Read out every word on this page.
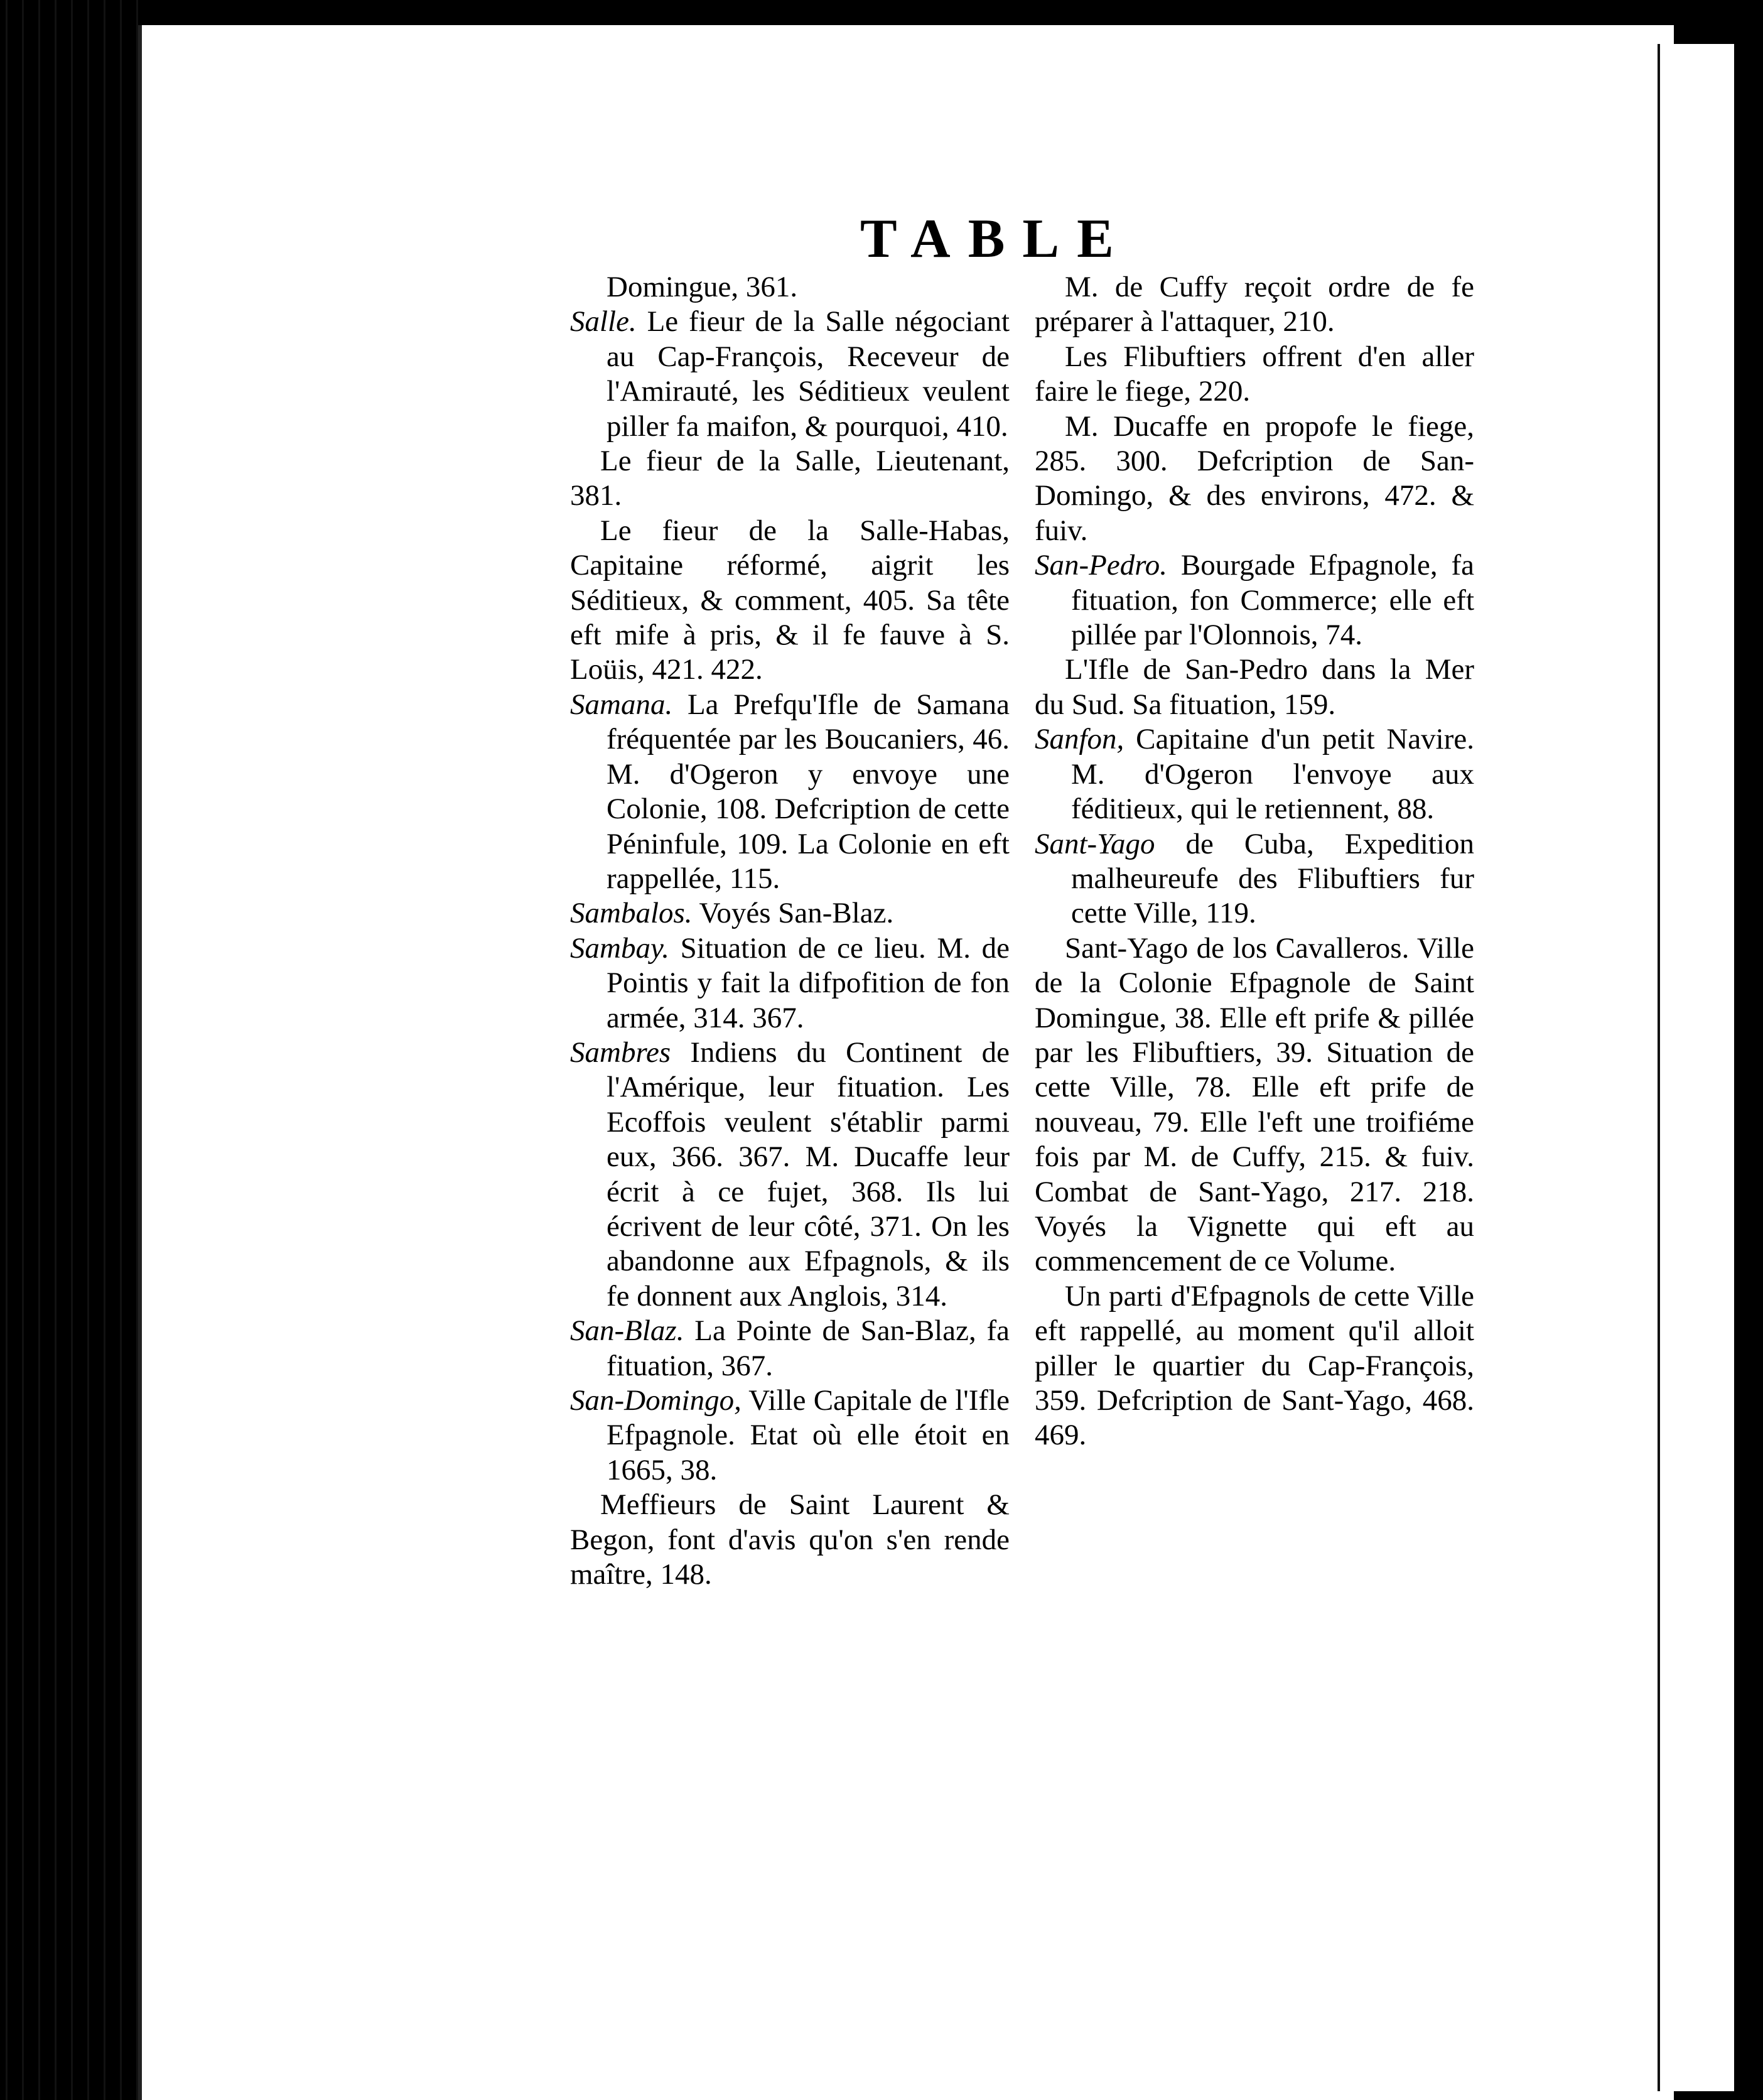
TABLE

Domingue, 361.

Salle. Le fieur de la Salle négociant au Cap-François, Receveur de l'Amirauté, les Séditieux veulent piller fa maifon, & pourquoi, 410.

Le fieur de la Salle, Lieutenant, 381.

Le fieur de la Salle-Habas, Capitaine réformé, aigrit les Séditieux, & comment, 405. Sa tête eft mife à pris, & il fe fauve à S. Loüis, 421. 422.

Samana. La Prefqu'Ifle de Samana fréquentée par les Boucaniers, 46. M. d'Ogeron y envoye une Colonie, 108. Defcription de cette Péninfule, 109. La Colonie en eft rappellée, 115.

Sambalos. Voyés San-Blaz.

Sambay. Situation de ce lieu. M. de Pointis y fait la difpofition de fon armée, 314. 367.

Sambres Indiens du Continent de l'Amérique, leur fituation. Les Ecoffois veulent s'établir parmi eux, 366. 367. M. Ducaffe leur écrit à ce fujet, 368. Ils lui écrivent de leur côté, 371. On les abandonne aux Efpagnols, & ils fe donnent aux Anglois, 314.

San-Blaz. La Pointe de San-Blaz, fa fituation, 367.

San-Domingo, Ville Capitale de l'Ifle Efpagnole. Etat où elle étoit en 1665, 38.

Meffieurs de Saint Laurent & Begon, font d'avis qu'on s'en rende maître, 148.

M. de Cuffy reçoit ordre de fe préparer à l'attaquer, 210.

Les Flibuftiers offrent d'en aller faire le fiege, 220.

M. Ducaffe en propofe le fiege, 285. 300. Defcription de San-Domingo, & des environs, 472. & fuiv.

San-Pedro. Bourgade Efpagnole, fa fituation, fon Commerce; elle eft pillée par l'Olonnois, 74.

L'Ifle de San-Pedro dans la Mer du Sud. Sa fituation, 159.

Sanfon, Capitaine d'un petit Navire. M. d'Ogeron l'envoye aux féditieux, qui le retiennent, 88.

Sant-Yago de Cuba, Expedition malheureufe des Flibuftiers fur cette Ville, 119.

Sant-Yago de los Cavalleros. Ville de la Colonie Efpagnole de Saint Domingue, 38. Elle eft prife & pillée par les Flibuftiers, 39. Situation de cette Ville, 78. Elle eft prife de nouveau, 79. Elle l'eft une troifiéme fois par M. de Cuffy, 215. & fuiv. Combat de Sant-Yago, 217. 218. Voyés la Vignette qui eft au commencement de ce Volume.

Un parti d'Efpagnols de cette Ville eft rappellé, au moment qu'il alloit piller le quartier du Cap-François, 359. Defcription de Sant-Yago, 468. 469.
